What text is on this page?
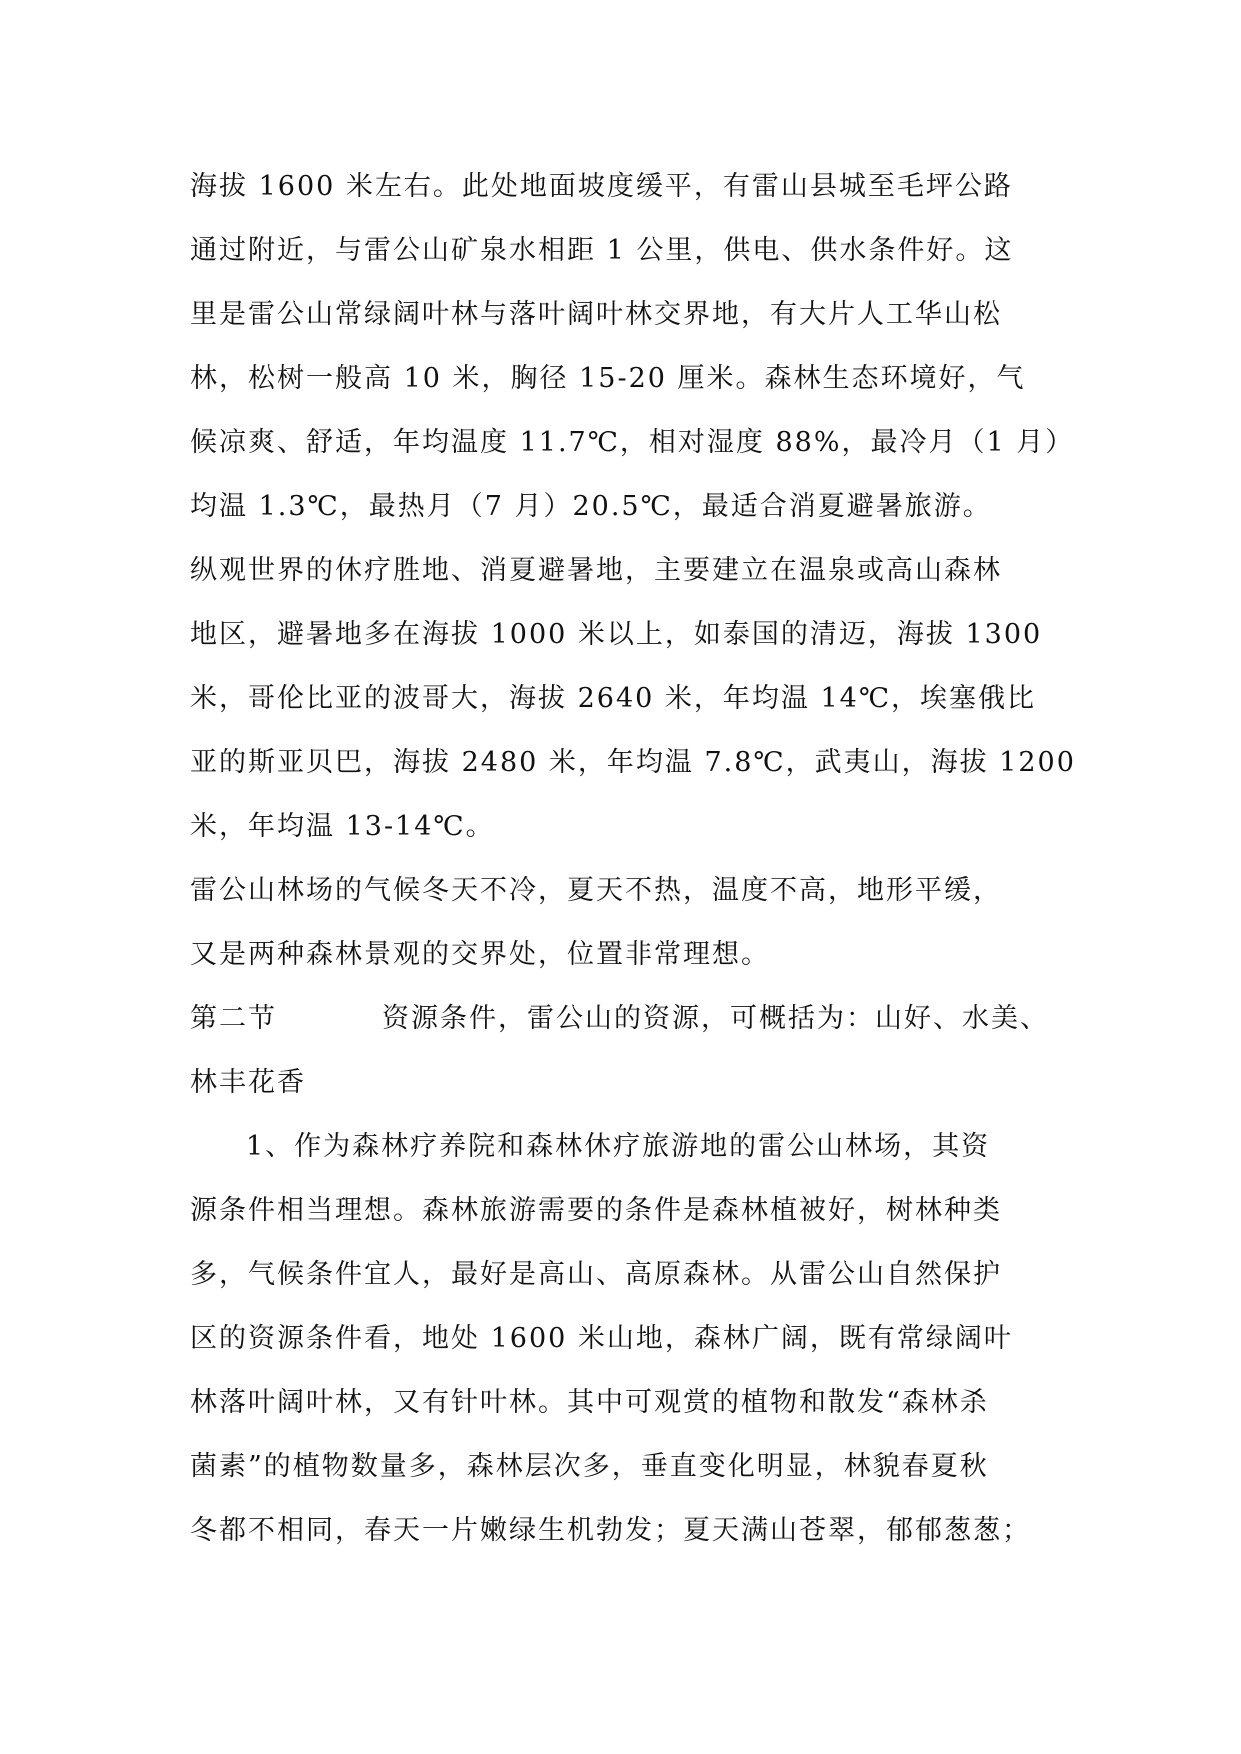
海拔 1600 米左右。此处地面坡度缓平，有雷山县城至毛坪公路
通过附近，与雷公山矿泉水相距 1 公里，供电、供水条件好。这
里是雷公山常绿阔叶林与落叶阔叶林交界地，有大片人工华山松
林，松树一般高 10 米，胸径 15-20 厘米。森林生态环境好，气
候凉爽、舒适，年均温度 11.7℃，相对湿度 88%，最冷月（1 月）
均温 1.3℃，最热月（7 月）20.5℃，最适合消夏避暑旅游。
纵观世界的休疗胜地、消夏避暑地，主要建立在温泉或高山森林
地区，避暑地多在海拔 1000 米以上，如泰国的清迈，海拔 1300
米，哥伦比亚的波哥大，海拔 2640 米，年均温 14℃，埃塞俄比
亚的斯亚贝巴，海拔 2480 米，年均温 7.8℃，武夷山，海拔 1200
米，年均温 13-14℃。
雷公山林场的气候冬天不冷，夏天不热，温度不高，地形平缓，
又是两种森林景观的交界处，位置非常理想。
第二节	资源条件，雷公山的资源，可概括为：山好、水美、
林丰花香
1、作为森林疗养院和森林休疗旅游地的雷公山林场，其资
源条件相当理想。森林旅游需要的条件是森林植被好，树林种类
多，气候条件宜人，最好是高山、高原森林。从雷公山自然保护
区的资源条件看，地处 1600 米山地，森林广阔，既有常绿阔叶
林落叶阔叶林，又有针叶林。其中可观赏的植物和散发“森林杀
菌素”的植物数量多，森林层次多，垂直变化明显，林貌春夏秋
冬都不相同，春天一片嫩绿生机勃发；夏天满山苍翠，郁郁葱葱；
